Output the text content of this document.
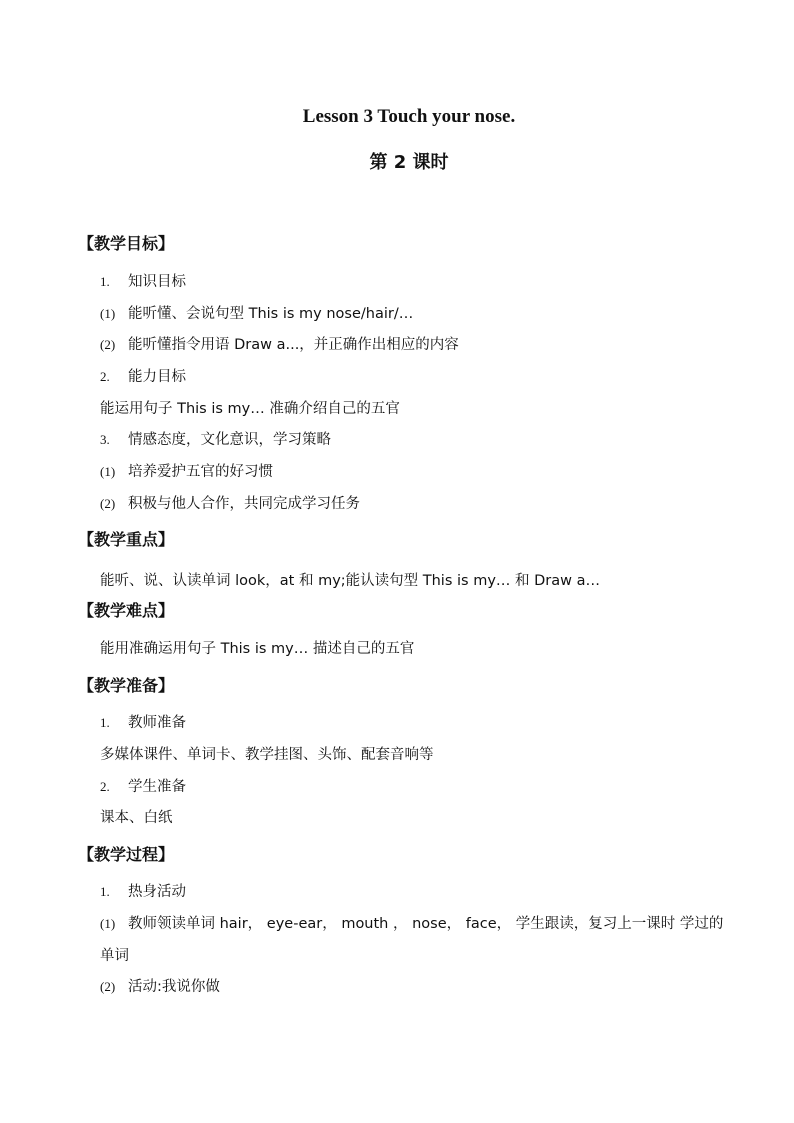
Lesson 3 Touch your nose.
第 2 课时
【教学目标】
1. 知识目标
(1) 能听懂、会说句型 This is my nose/hair/…
(2) 能听懂指令用语 Draw a...，并正确作出相应的内容
2. 能力目标
能运用句子 This is my… 准确介绍自己的五官
3. 情感态度，文化意识，学习策略
(1) 培养爱护五官的好习惯
(2) 积极与他人合作，共同完成学习任务
【教学重点】
能听、说、认读单词 look，at 和 my;能认读句型 This is my… 和 Draw a…
【教学难点】
能用准确运用句子 This is my… 描述自己的五官
【教学准备】
1. 教师准备
多媒体课件、单词卡、教学挂图、头饰、配套音响等
2. 学生准备
课本、白纸
【教学过程】
1. 热身活动
(1) 教师领读单词 hair， eye-ear， mouth ， nose， face， 学生跟读，复习上一课时 学过的
单词
(2) 活动:我说你做
